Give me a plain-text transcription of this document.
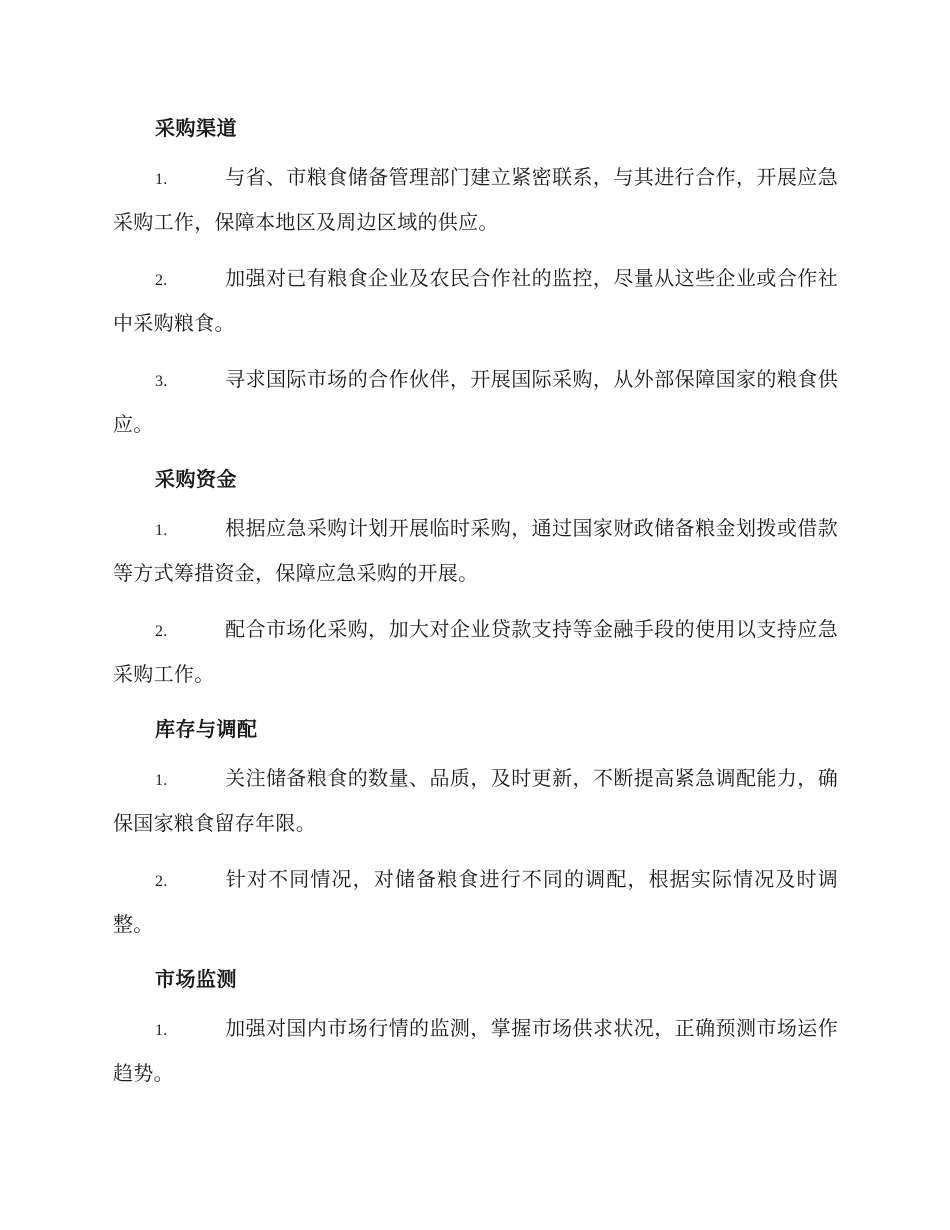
采购渠道

1.	与省、市粮食储备管理部门建立紧密联系，与其进行合作，开展应急采购工作，保障本地区及周边区域的供应。

2.	加强对已有粮食企业及农民合作社的监控，尽量从这些企业或合作社中采购粮食。

3.	寻求国际市场的合作伙伴，开展国际采购，从外部保障国家的粮食供应。

采购资金

1.	根据应急采购计划开展临时采购，通过国家财政储备粮金划拨或借款等方式筹措资金，保障应急采购的开展。

2.	配合市场化采购，加大对企业贷款支持等金融手段的使用以支持应急采购工作。

库存与调配

1.	关注储备粮食的数量、品质，及时更新，不断提高紧急调配能力，确保国家粮食留存年限。

2.	针对不同情况，对储备粮食进行不同的调配，根据实际情况及时调整。

市场监测

1.	加强对国内市场行情的监测，掌握市场供求状况，正确预测市场运作趋势。
